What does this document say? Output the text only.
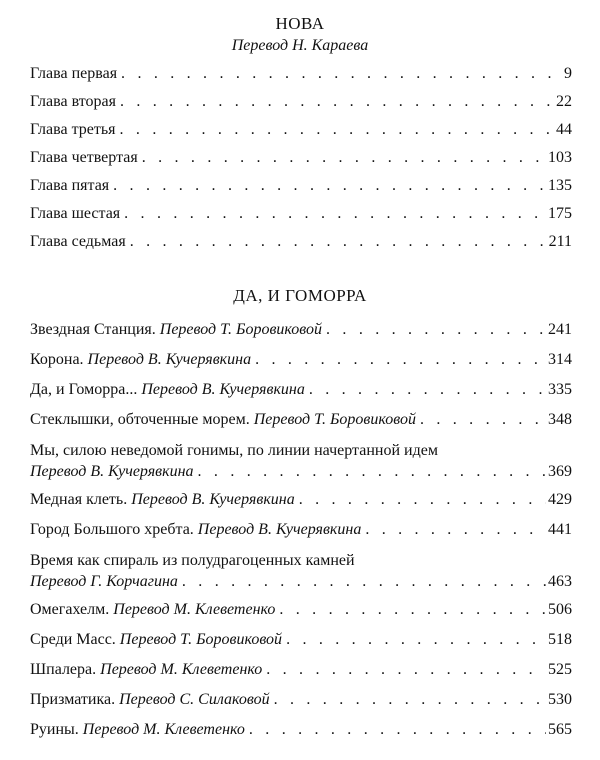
НОВА
Перевод Н. Караева
Глава первая . . .	9
Глава вторая . . .	22
Глава третья . . .	44
Глава четвертая . . .	103
Глава пятая . . .	135
Глава шестая . . .	175
Глава седьмая . . .	211
ДА, И ГОМОРРА
Звездная Станция. Перевод Т. Боровиковой . . .	241
Корона. Перевод В. Кучерявкина . . .	314
Да, и Гоморра... Перевод В. Кучерявкина . . .	335
Стеклышки, обточенные морем. Перевод Т. Боровиковой . . .	348
Мы, силою неведомой гонимы, по линии начертанной идем
Перевод В. Кучерявкина . . .	369
Медная клеть. Перевод В. Кучерявкина . . .	429
Город Большого хребта. Перевод В. Кучерявкина . . .	441
Время как спираль из полудрагоценных камней
Перевод Г. Корчагина . . .	463
Омегахелм. Перевод М. Клеветенко . . .	506
Среди Масс. Перевод Т. Боровиковой . . .	518
Шпалера. Перевод М. Клеветенко . . .	525
Призматика. Перевод С. Силаковой . . .	530
Руины. Перевод М. Клеветенко . . .	565
